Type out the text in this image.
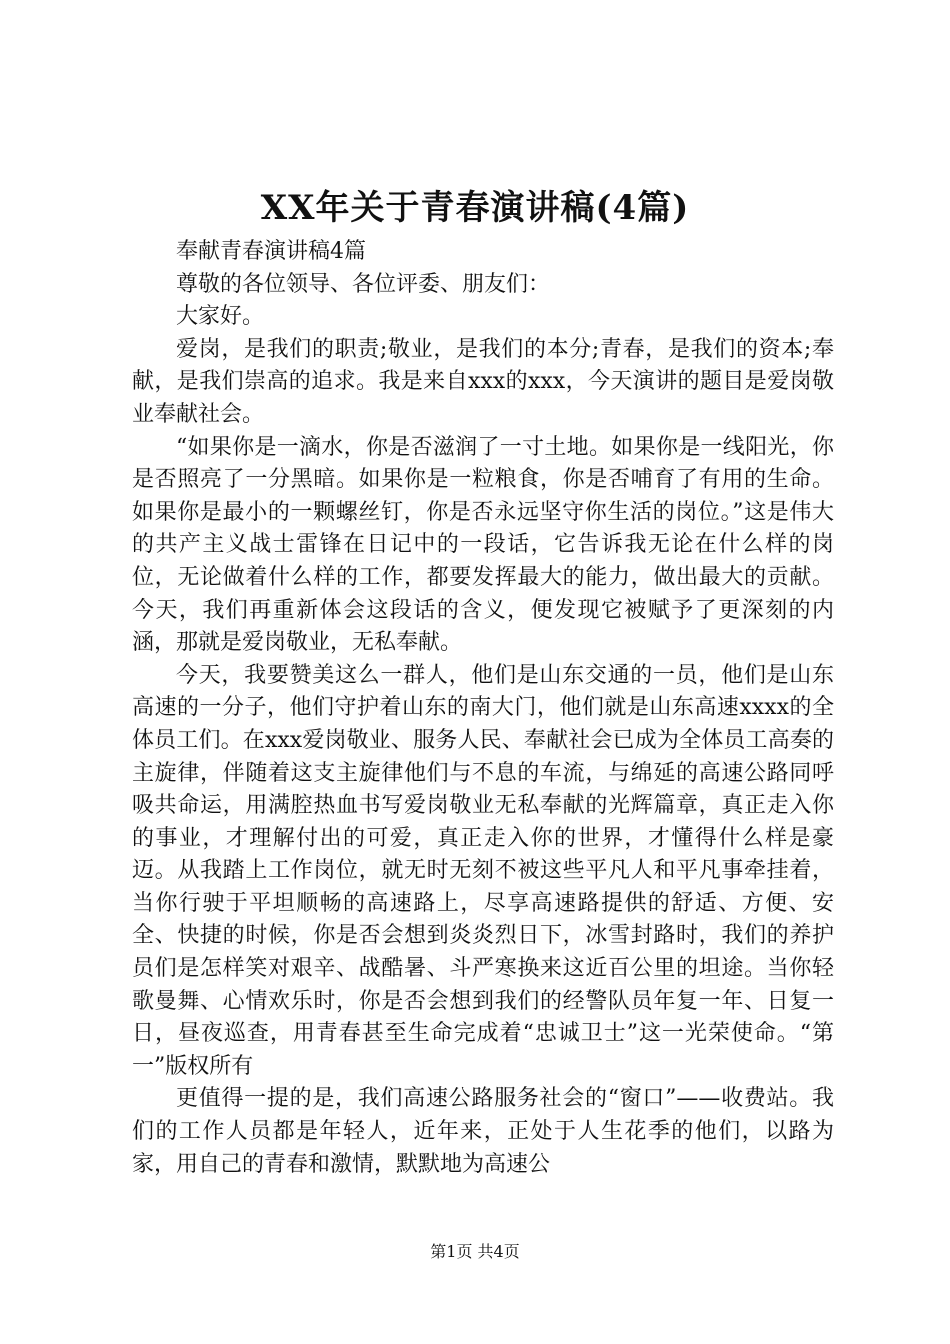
XX年关于青春演讲稿(4篇)

奉献青春演讲稿4篇

尊敬的各位领导、各位评委、朋友们：

大家好。

爱岗，是我们的职责;敬业，是我们的本分;青春，是我们的资本;奉献，是我们崇高的追求。我是来自xxx的xxx，今天演讲的题目是爱岗敬业奉献社会。

“如果你是一滴水，你是否滋润了一寸土地。如果你是一线阳光，你是否照亮了一分黑暗。如果你是一粒粮食，你是否哺育了有用的生命。如果你是最小的一颗螺丝钉，你是否永远坚守你生活的岗位。”这是伟大的共产主义战士雷锋在日记中的一段话，它告诉我无论在什么样的岗位，无论做着什么样的工作，都要发挥最大的能力，做出最大的贡献。今天，我们再重新体会这段话的含义，便发现它被赋予了更深刻的内涵，那就是爱岗敬业，无私奉献。

今天，我要赞美这么一群人，他们是山东交通的一员，他们是山东高速的一分子，他们守护着山东的南大门，他们就是山东高速xxxx的全体员工们。在xxx爱岗敬业、服务人民、奉献社会已成为全体员工高奏的主旋律，伴随着这支主旋律他们与不息的车流，与绵延的高速公路同呼吸共命运，用满腔热血书写爱岗敬业无私奉献的光辉篇章，真正走入你的事业，才理解付出的可爱，真正走入你的世界，才懂得什么样是豪迈。从我踏上工作岗位，就无时无刻不被这些平凡人和平凡事牵挂着，当你行驶于平坦顺畅的高速路上，尽享高速路提供的舒适、方便、安全、快捷的时候，你是否会想到炎炎烈日下，冰雪封路时，我们的养护员们是怎样笑对艰辛、战酷暑、斗严寒换来这近百公里的坦途。当你轻歌曼舞、心情欢乐时，你是否会想到我们的经警队员年复一年、日复一日，昼夜巡查，用青春甚至生命完成着“忠诚卫士”这一光荣使命。“第一”版权所有

更值得一提的是，我们高速公路服务社会的“窗口”——收费站。我们的工作人员都是年轻人，近年来，正处于人生花季的他们，以路为家，用自己的青春和激情，默默地为高速公

第1页 共4页
